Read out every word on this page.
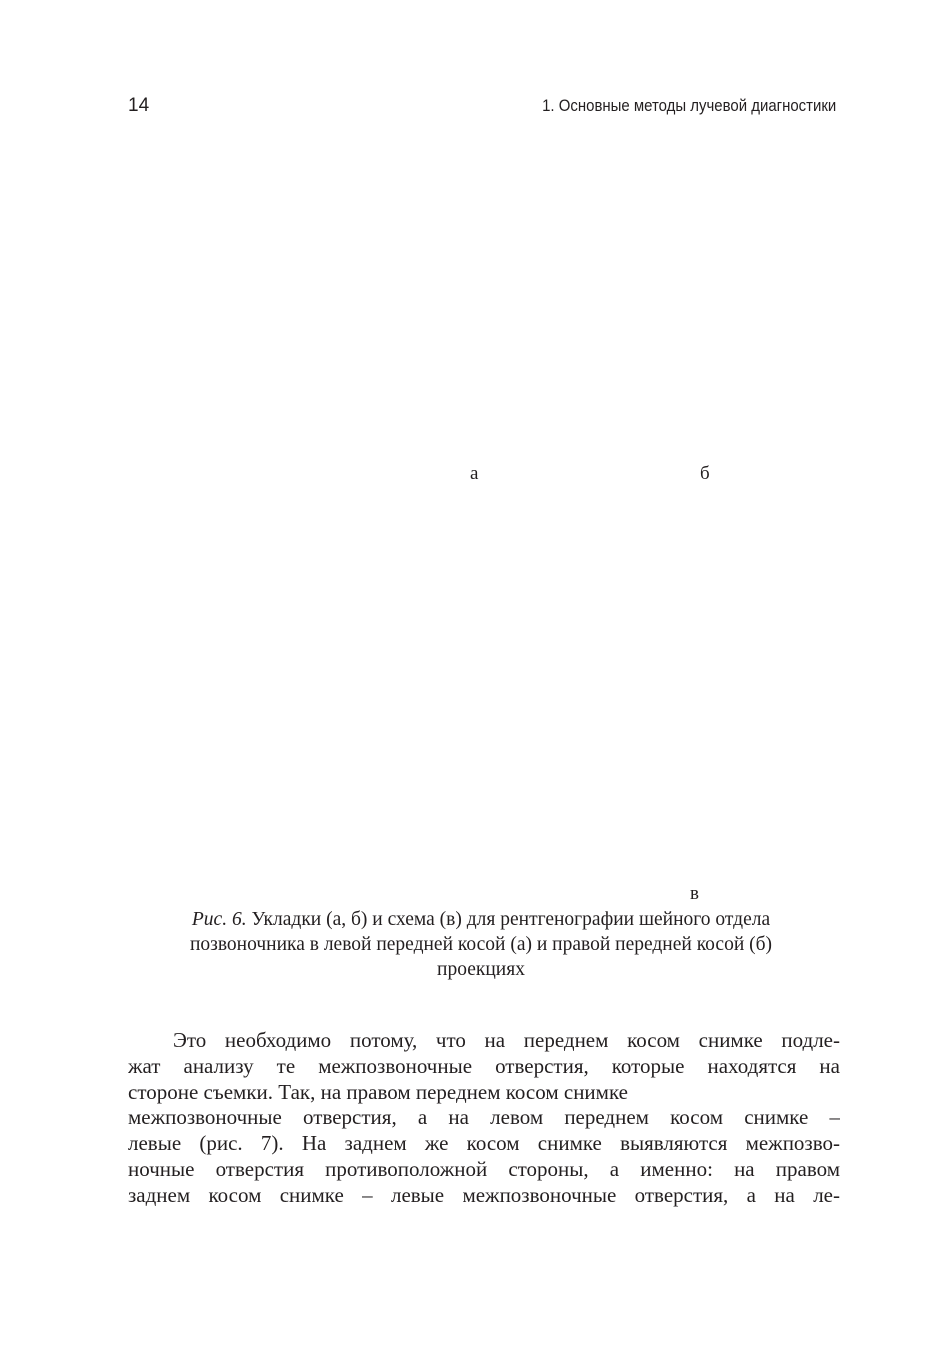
14	1. Основные методы лучевой диагностики
а	б
в
Рис. 6. Укладки (а, б) и схема (в) для рентгенографии шейного отдела
позвоночника в левой передней косой (а) и правой передней косой (б)
проекциях
Это необходимо потому, что на переднем косом снимке подле-
жат анализу те межпозвоночные отверстия, которые находятся на
стороне съемки. Так, на правом переднем косом снимке
межпозвоночные отверстия, а на левом переднем косом снимке –
левые (рис. 7). На заднем же косом снимке выявляются межпозво-
ночные отверстия противоположной стороны, а именно: на правом
заднем косом снимке – левые межпозвоночные отверстия, а на ле-
